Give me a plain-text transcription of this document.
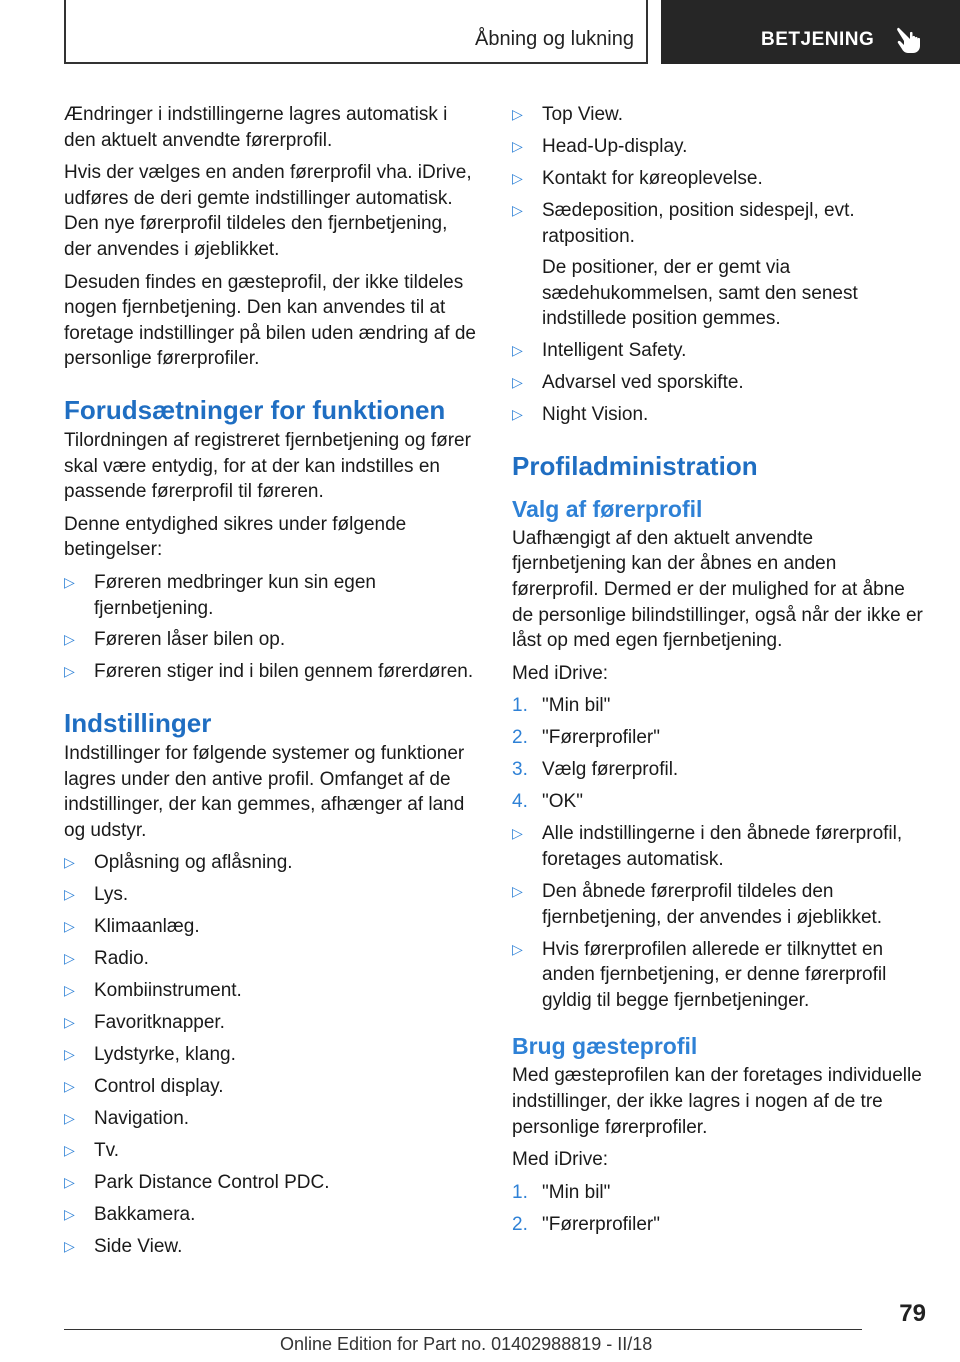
Åbning og lukning	BETJENING

Ændringer i indstillingerne lagres automatisk i den aktuelt anvendte førerprofil.

Hvis der vælges en anden førerprofil vha. iDrive, udføres de deri gemte indstillinger automatisk. Den nye førerprofil tildeles den fjernbetjening, der anvendes i øjeblikket.

Desuden findes en gæsteprofil, der ikke tildeles nogen fjernbetjening. Den kan anvendes til at foretage indstillinger på bilen uden ændring af de personlige førerprofiler.

Forudsætninger for funktionen

Tilordningen af registreret fjernbetjening og fører skal være entydig, for at der kan indstilles en passende førerprofil til føreren.

Denne entydighed sikres under følgende betingelser:

▷	Føreren medbringer kun sin egen fjernbetjening.
▷	Føreren låser bilen op.
▷	Føreren stiger ind i bilen gennem førerdøren.
Indstillinger

Indstillinger for følgende systemer og funktioner lagres under den antive profil. Omfanget af de indstillinger, der kan gemmes, afhænger af land og udstyr.

▷	Oplåsning og aflåsning.
▷	Lys.
▷	Klimaanlæg.
▷	Radio.
▷	Kombiinstrument.
▷	Favoritknapper.
▷	Lydstyrke, klang.
▷	Control display.
▷	Navigation.
▷	Tv.
▷	Park Distance Control PDC.
▷	Bakkamera.
▷	Side View.
▷	Top View.
▷	Head-Up-display.
▷	Kontakt for køreoplevelse.
▷	Sædeposition, position sidespejl, evt. ratposition.
De positioner, der er gemt via sædehukommelsen, samt den senest indstillede position gemmes.
▷	Intelligent Safety.
▷	Advarsel ved sporskifte.
▷	Night Vision.
Profiladministration
Valg af førerprofil

Uafhængigt af den aktuelt anvendte fjernbetjening kan der åbnes en anden førerprofil. Dermed er der mulighed for at åbne de personlige bilindstillinger, også når der ikke er låst op med egen fjernbetjening.

Med iDrive:

1. "Min bil"
2. "Førerprofiler"
3. Vælg førerprofil.
4. "OK"
▷	Alle indstillingerne i den åbnede førerprofil, foretages automatisk.
▷	Den åbnede førerprofil tildeles den fjernbetjening, der anvendes i øjeblikket.
▷	Hvis førerprofilen allerede er tilknyttet en anden fjernbetjening, er denne førerprofil gyldig til begge fjernbetjeninger.
Brug gæsteprofil

Med gæsteprofilen kan der foretages individuelle indstillinger, der ikke lagres i nogen af de tre personlige førerprofiler.

Med iDrive:

1. "Min bil"
2. "Førerprofiler"
79
Online Edition for Part no. 01402988819 - II/18
